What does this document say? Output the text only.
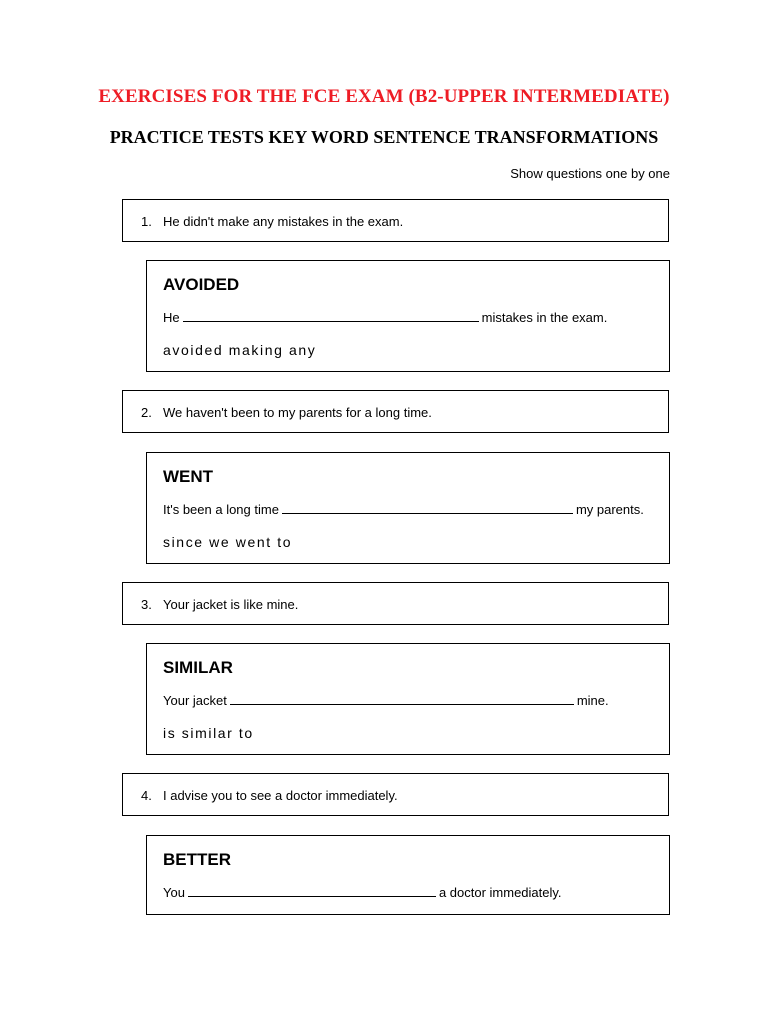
EXERCISES FOR THE FCE EXAM (B2-UPPER INTERMEDIATE)
PRACTICE TESTS KEY WORD SENTENCE TRANSFORMATIONS
Show questions one by one
1. He didn't make any mistakes in the exam.
AVOIDED
He	mistakes in the exam.
avoided making any
2. We haven't been to my parents for a long time.
WENT
It's been a long time	my parents.
since we went to
3. Your jacket is like mine.
SIMILAR
Your jacket	mine.
is similar to
4. I advise you to see a doctor immediately.
BETTER
You	a doctor immediately.
